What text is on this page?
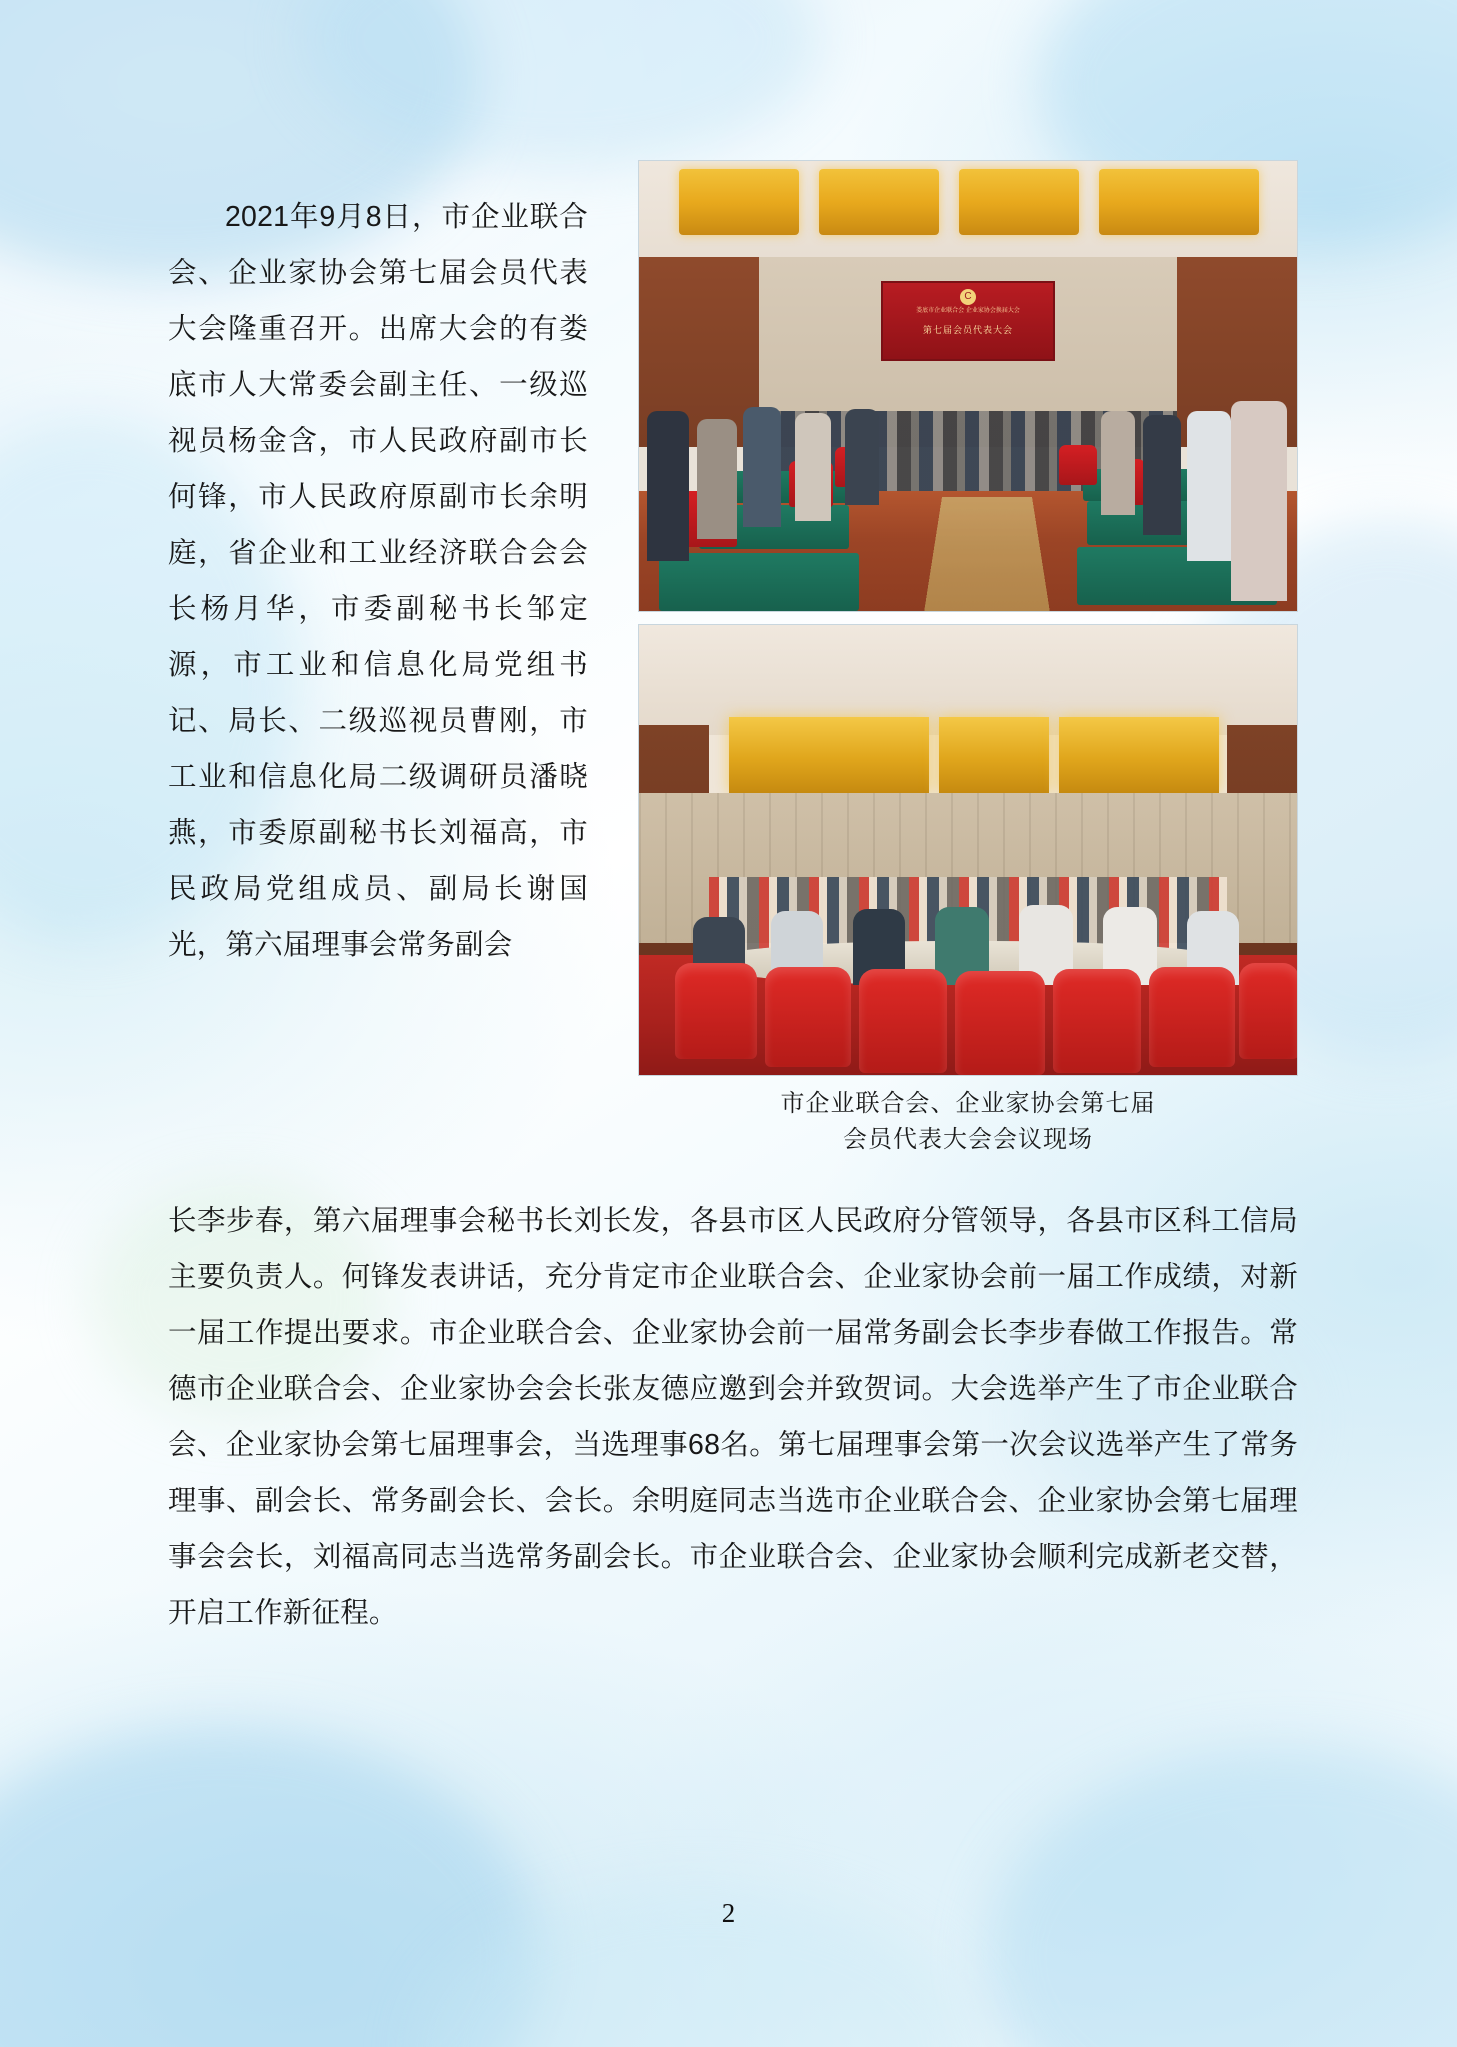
C
娄底市企业联合会 企业家协会换届大会
第七届会员代表大会
市企业联合会、企业家协会第七届
会员代表大会会议现场

2021年9月8日，市企业联合会、企业家协会第七届会员代表大会隆重召开。出席大会的有娄底市人大常委会副主任、一级巡视员杨金含，市人民政府副市长何锋，市人民政府原副市长余明庭，省企业和工业经济联合会会长杨月华，市委副秘书长邹定源，市工业和信息化局党组书记、局长、二级巡视员曹刚，市工业和信息化局二级调研员潘晓燕，市委原副秘书长刘福高，市民政局党组成员、副局长谢国光，第六届理事会常务副会

长李步春，第六届理事会秘书长刘长发，各县市区人民政府分管领导，各县市区科工信局主要负责人。何锋发表讲话，充分肯定市企业联合会、企业家协会前一届工作成绩，对新一届工作提出要求。市企业联合会、企业家协会前一届常务副会长李步春做工作报告。常德市企业联合会、企业家协会会长张友德应邀到会并致贺词。大会选举产生了市企业联合会、企业家协会第七届理事会，当选理事68名。第七届理事会第一次会议选举产生了常务理事、副会长、常务副会长、会长。余明庭同志当选市企业联合会、企业家协会第七届理事会会长，刘福高同志当选常务副会长。市企业联合会、企业家协会顺利完成新老交替，开启工作新征程。

2
